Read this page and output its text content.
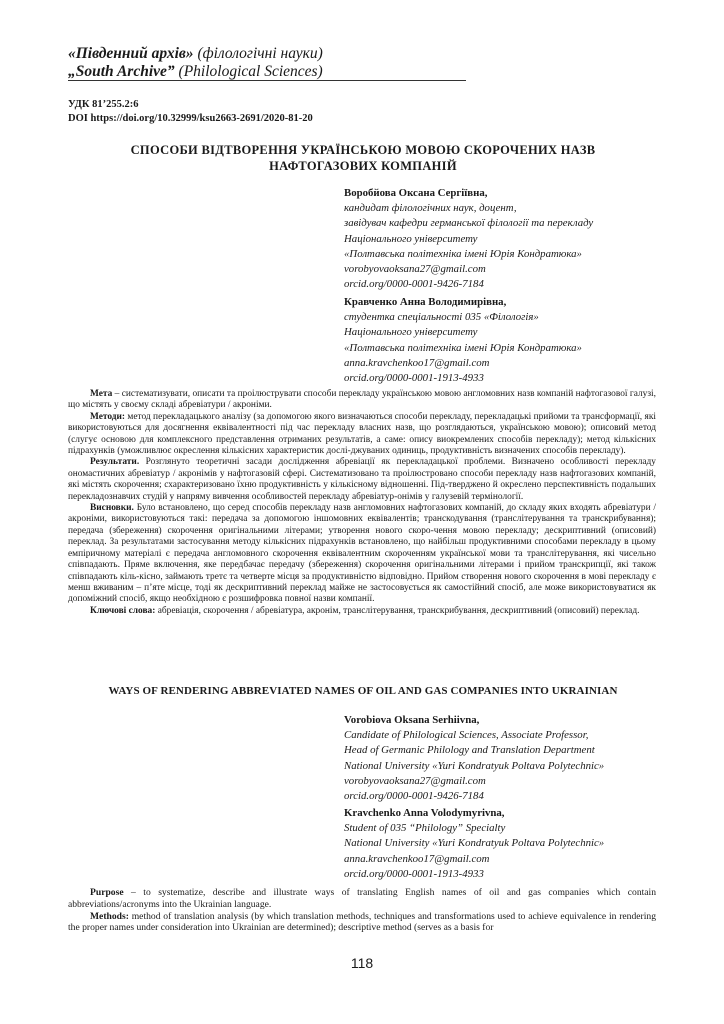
«Південний архів» (філологічні науки)
„South Archive” (Philological Sciences)
УДК 81’255.2:6
DOI https://doi.org/10.32999/ksu2663-2691/2020-81-20
СПОСОБИ ВІДТВОРЕННЯ УКРАЇНСЬКОЮ МОВОЮ СКОРОЧЕНИХ НАЗВ
НАФТОГАЗОВИХ КОМПАНІЙ
Воробйова Оксана Сергіївна,
кандидат філологічних наук, доцент,
завідувач кафедри германської філології та перекладу
Національного університету
«Полтавська політехніка імені Юрія Кондратюка»
vorobyovaoksana27@gmail.com
orcid.org/0000-0001-9426-7184
Кравченко Анна Володимирівна,
студентка спеціальності 035 «Філологія»
Національного університету
«Полтавська політехніка імені Юрія Кондратюка»
anna.kravchenkoo17@gmail.com
orcid.org/0000-0001-1913-4933

Мета – систематизувати, описати та проілюструвати способи перекладу українською мовою англомовних назв компаній нафтогазової галузі, що містять у своєму складі абревіатури / акроніми.

Методи: метод перекладацького аналізу (за допомогою якого визначаються способи перекладу, перекладацькі прийоми та трансформації, які використовуються для досягнення еквівалентності під час перекладу власних назв, що розглядаються, українською мовою); описовий метод (слугує основою для комплексного представлення отриманих результатів, а саме: опису виокремлених способів перекладу); метод кількісних підрахунків (уможливлює окреслення кількісних характеристик дослі-джуваних одиниць, продуктивність визначених способів перекладу).

Результати. Розглянуто теоретичні засади дослідження абревіації як перекладацької проблеми. Визначено особливості перекладу ономастичних абревіатур / акронімів у нафтогазовій сфері. Систематизовано та проілюстровано способи перекладу назв нафтогазових компаній, які містять скорочення; схарактеризовано їхню продуктивність у кількісному відношенні. Під-тверджено й окреслено перспективність подальших перекладознавчих студій у напряму вивчення особливостей перекладу абревіатур-онімів у галузевій термінології.

Висновки. Було встановлено, що серед способів перекладу назв англомовних нафтогазових компаній, до складу яких входять абревіатури / акроніми, використовуються такі: передача за допомогою іншомовних еквівалентів; транскодування (транслітерування та транскрибування); передача (збереження) скорочення оригінальними літерами; утворення нового скоро-чення мовою перекладу; дескриптивний (описовий) переклад. За результатами застосування методу кількісних підрахунків встановлено, що найбільш продуктивними способами перекладу в цьому емпіричному матеріалі є передача англомовного скорочення еквівалентним скороченням української мови та транслітерування, які чисельно співпадають. Пряме включення, яке передбачає передачу (збереження) скорочення оригінальними літерами і прийом транскрипції, які також співпадають кіль-кісно, займають третє та четверте місця за продуктивністю відповідно. Прийом створення нового скорочення в мові перекладу є менш вживаним – п’яте місце, тоді як дескриптивний переклад майже не застосовується як самостійний спосіб, але може використовуватися як допоміжний спосіб, якщо необхідною є розшифровка повної назви компанії.

Ключові слова: абревіація, скорочення / абревіатура, акронім, транслітерування, транскрибування, дескриптивний (описовий) переклад.

WAYS OF RENDERING ABBREVIATED NAMES OF OIL AND GAS COMPANIES INTO UKRAINIAN
Vorobiova Oksana Serhiivna,
Candidate of Philological Sciences, Associate Professor,
Head of Germanic Philology and Translation Department
National University «Yuri Kondratyuk Poltava Polytechnic»
vorobyovaoksana27@gmail.com
orcid.org/0000-0001-9426-7184
Kravchenko Anna Volodymyrivna,
Student of 035 “Philology” Specialty
National University «Yuri Kondratyuk Poltava Polytechnic»
anna.kravchenkoo17@gmail.com
orcid.org/0000-0001-1913-4933

Purpose – to systematize, describe and illustrate ways of translating English names of oil and gas companies which contain abbreviations/acronyms into the Ukrainian language.

Methods: method of translation analysis (by which translation methods, techniques and transformations used to achieve equivalence in rendering the proper names under consideration into Ukrainian are determined); descriptive method (serves as a basis for

118
